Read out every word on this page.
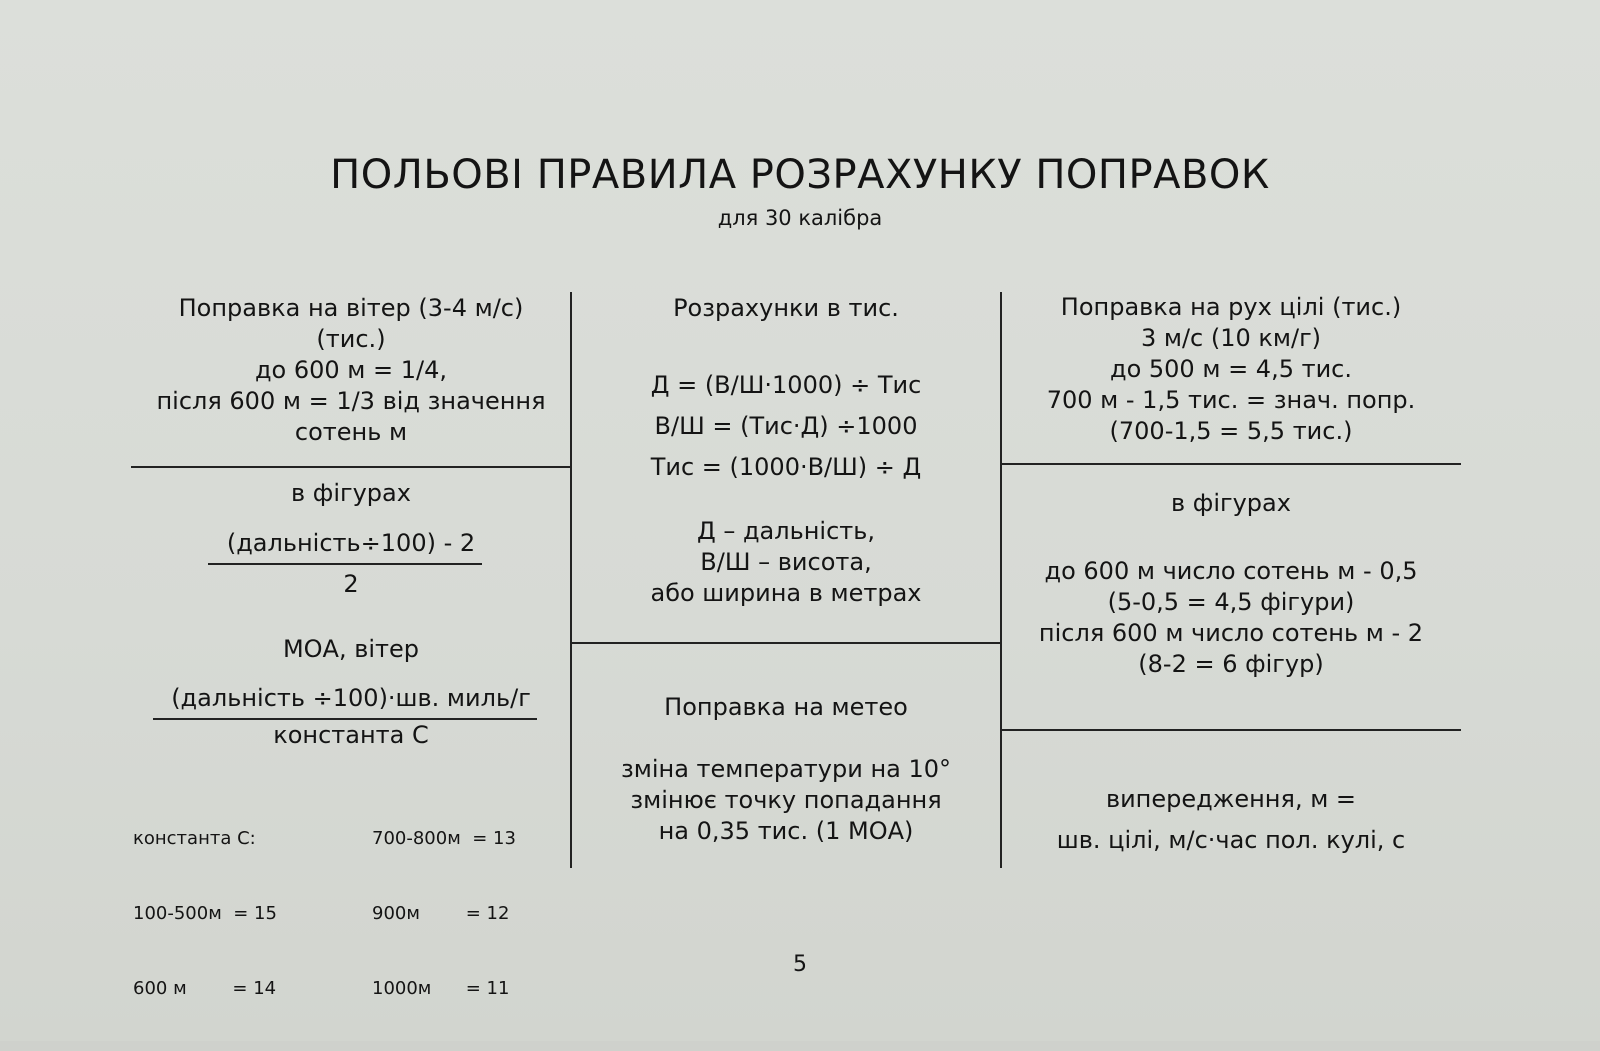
ПОЛЬОВІ ПРАВИЛА РОЗРАХУНКУ ПОПРАВОК
для 30 калібра
Поправка на вітер (3-4 м/с)
(тис.)
до 600 м = 1/4,
після 600 м = 1/3 від значення
сотень м
в фігурах
(дальність÷100) - 2
2
МОА, вітер
(дальність ÷100)·шв. миль/г
константа С

константа С:

100-500м  = 15

600 м        = 14

700-800м  = 13

900м        = 12

1000м      = 11

Розрахунки в тис.
Д = (В/Ш·1000) ÷ Тис
В/Ш = (Тис·Д) ÷1000
Тис = (1000·В/Ш) ÷ Д
Д – дальність,
В/Ш – висота,
або ширина в метрах
Поправка на метео
зміна температури на 10°
змінює точку попадання
на 0,35 тис. (1 МОА)
Поправка на рух цілі (тис.)
3 м/с (10 км/г)
до 500 м = 4,5 тис.
700 м - 1,5 тис. = знач. попр.
(700-1,5 = 5,5 тис.)
в фігурах
до 600 м число сотень м - 0,5
(5-0,5 = 4,5 фігури)
після 600 м число сотень м - 2
(8-2 = 6 фігур)
випередження, м =
шв. цілі, м/с·час пол. кулі, с
5
